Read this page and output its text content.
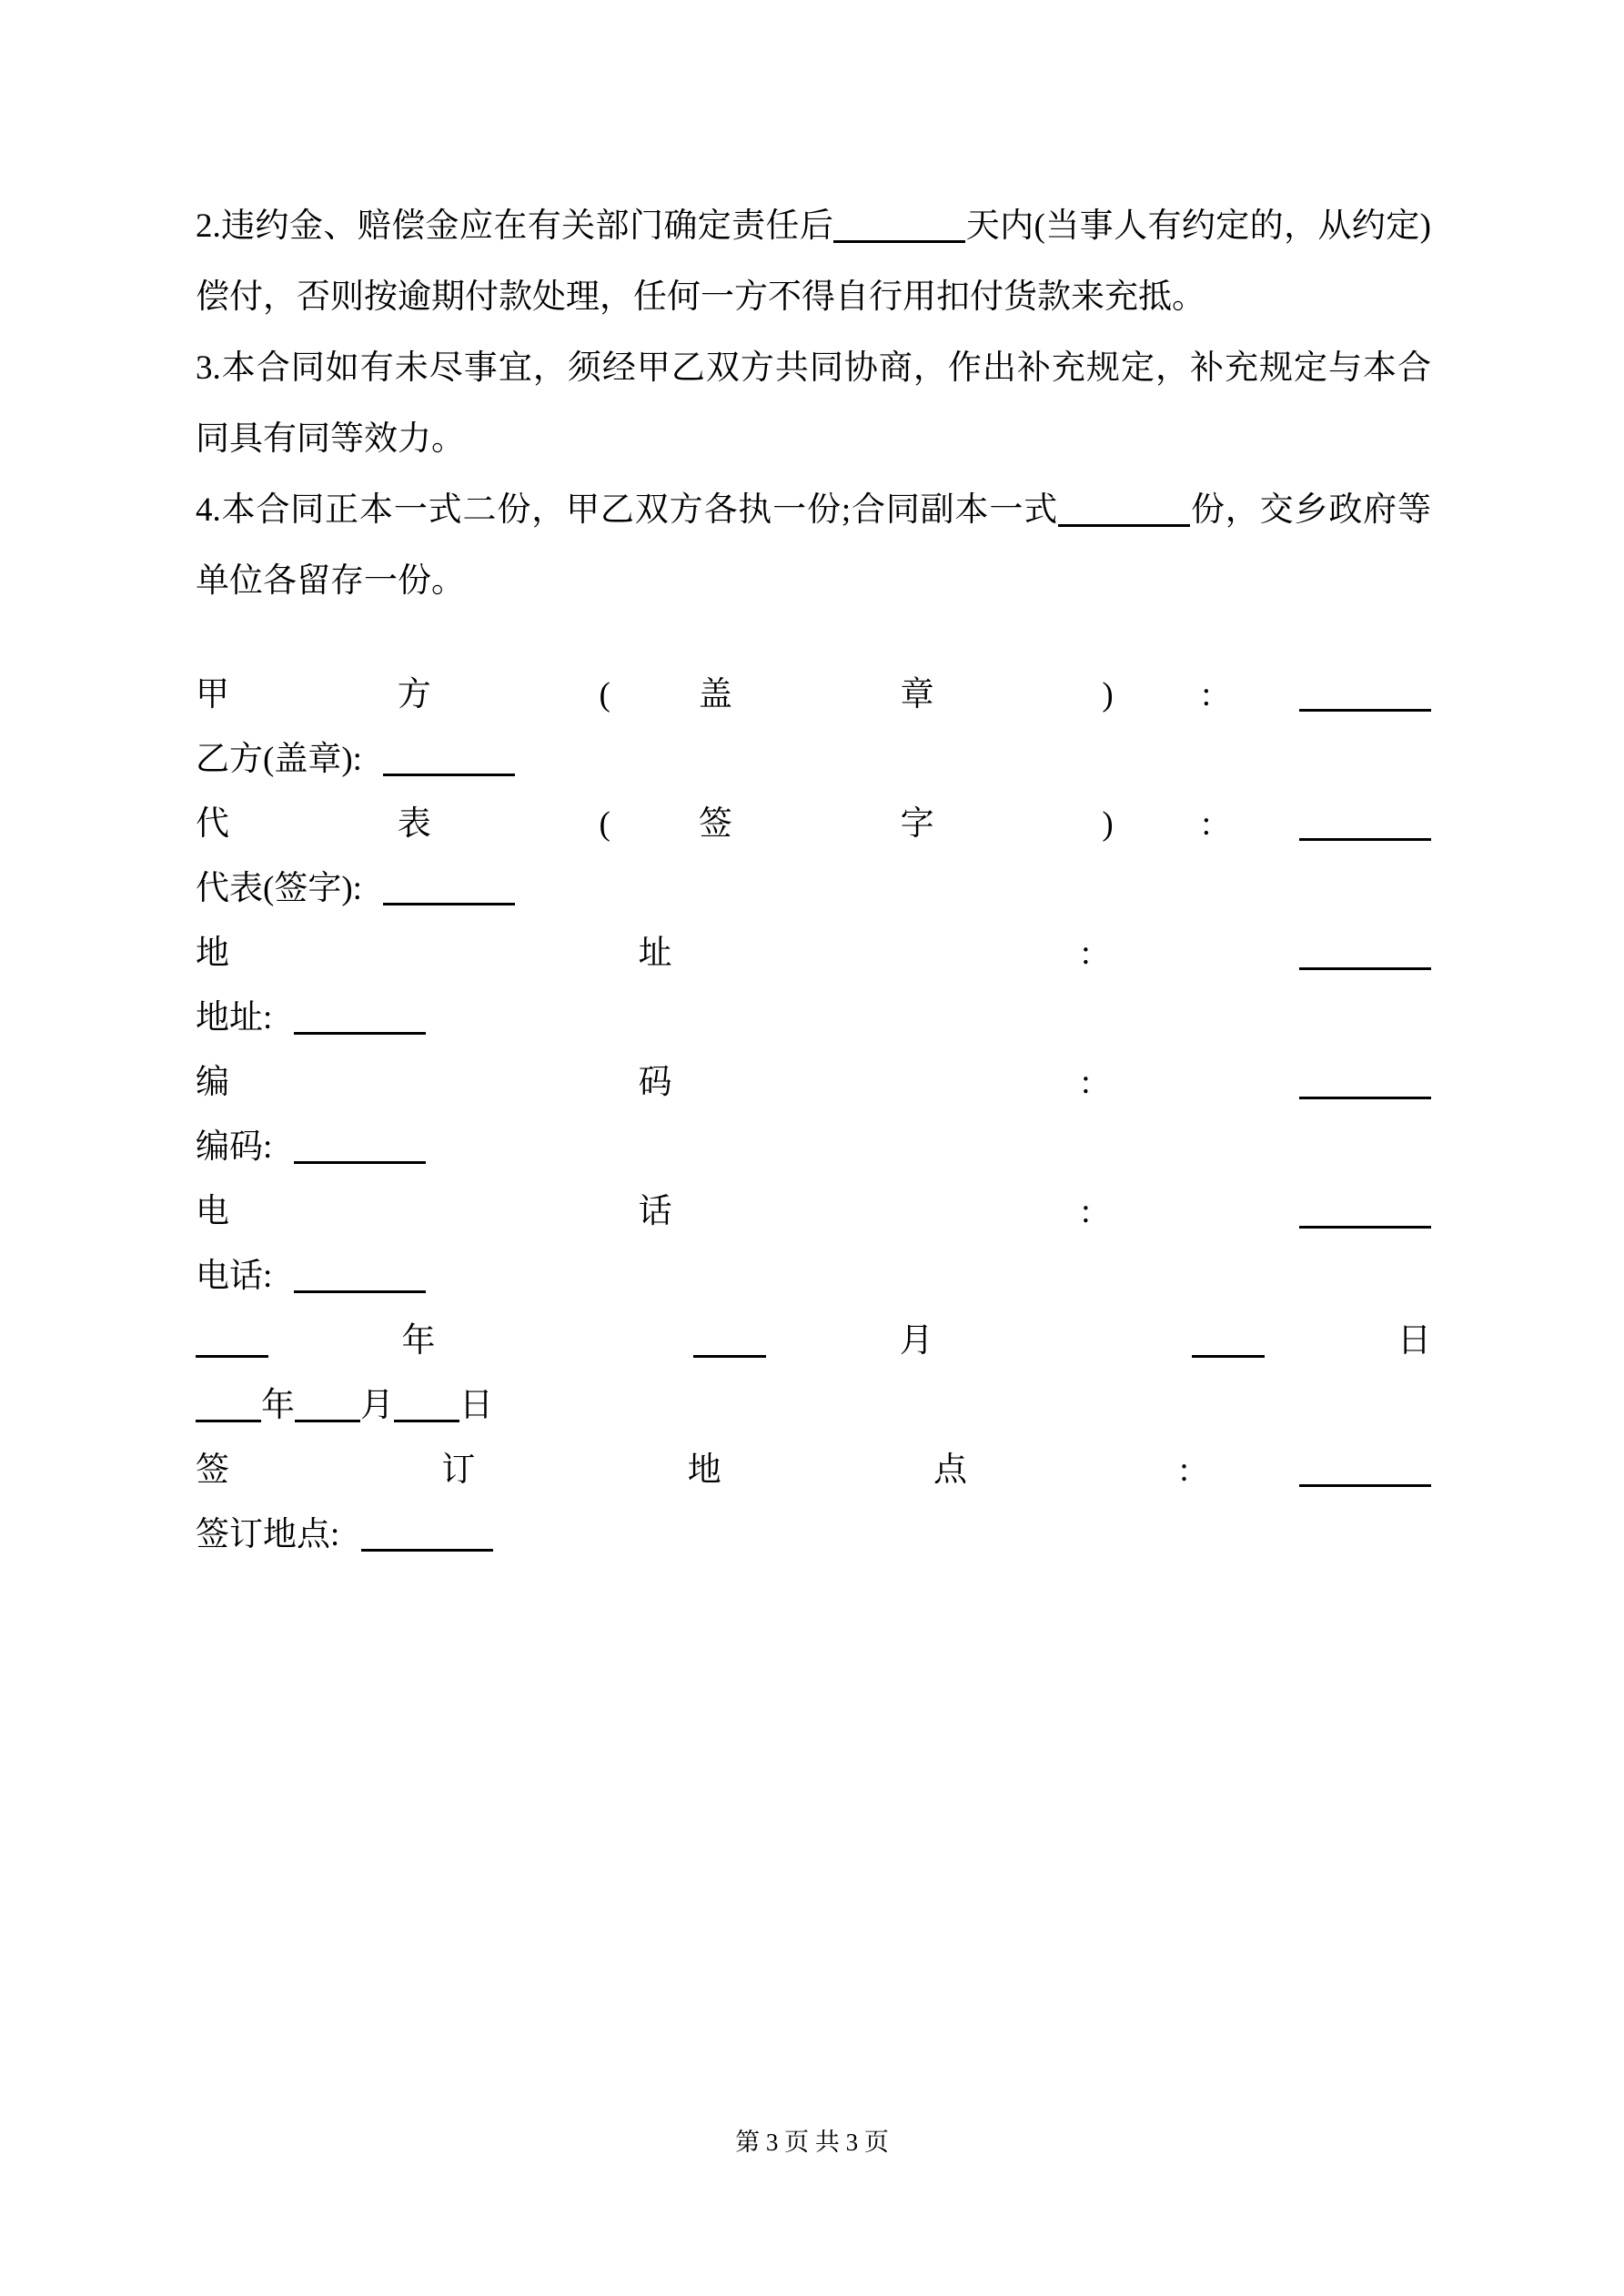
2.违约金、赔偿金应在有关部门确定责任后	天内(当事人有约定的，从约定)偿付，否则按逾期付款处理，任何一方不得自行用扣付货款来充抵。

3.本合同如有未尽事宜，须经甲乙双方共同协商，作出补充规定，补充规定与本合同具有同等效力。

4.本合同正本一式二份，甲乙双方各执一份;合同副本一式	份，交乡政府等单位各留存一份。

甲 方 ( 盖 章 ) :
乙方(盖章):
代 表 ( 签 字 ) :
代表(签字):
地 址 :
地址:
编 码 :
编码:
电 话 :
电话:
年	月	日
年 月 日
签 订 地 点 :
签订地点:
第 3 页 共 3 页
